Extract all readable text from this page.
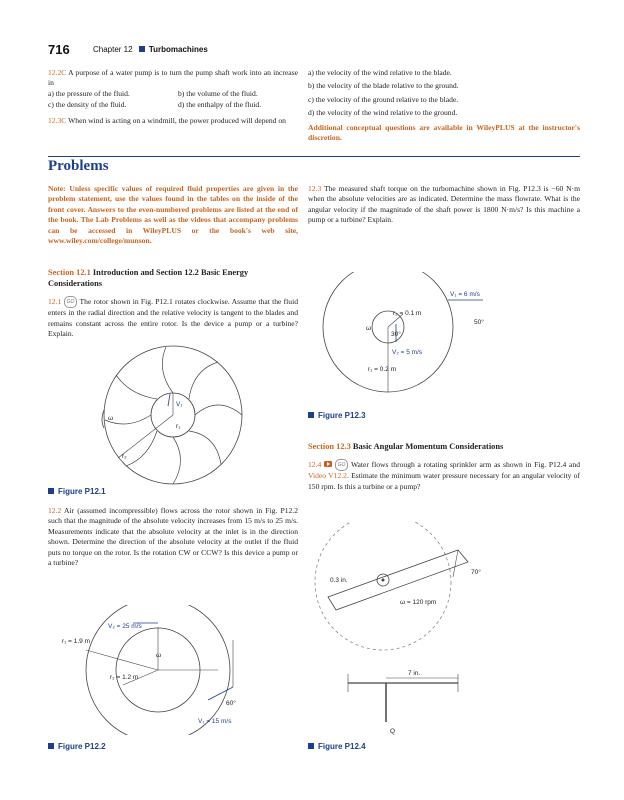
716	Chapter 12 Turbomachines

12.2C A purpose of a water pump is to turn the pump shaft work into an increase in

a) the pressure of the fluid.	b) the volume of the fluid.
c) the density of the fluid.	d) the enthalpy of the fluid.

12.3C When wind is acting on a windmill, the power produced will depend on

a) the velocity of the wind relative to the blade.

b) the velocity of the blade relative to the ground.

c) the velocity of the ground relative to the blade.

d) the velocity of the wind relative to the ground.

Additional conceptual questions are available in WileyPLUS at the instructor's discretion.

Problems

Note: Unless specific values of required fluid properties are given in the problem statement, use the values found in the tables on the inside of the front cover. Answers to the even-numbered problems are listed at the end of the book. The Lab Problems as well as the videos that accompany problems can be accessed in WileyPLUS or the book's web site, www.wiley.com/college/munson.

Section 12.1 Introduction and Section 12.2 Basic Energy Considerations

12.1 GO The rotor shown in Fig. P12.1 rotates clockwise. Assume that the fluid enters in the radial direction and the relative velocity is tangent to the blades and remains constant across the entire rotor. Is the device a pump or a turbine? Explain.

ω
V₁
r₁
r₂
Figure P12.1

12.2 Air (assumed incompressible) flows across the rotor shown in Fig. P12.2 such that the magnitude of the absolute velocity increases from 15 m/s to 25 m/s. Measurements indicate that the absolute velocity at the inlet is in the direction shown. Determine the direction of the absolute velocity at the outlet if the fluid puts no torque on the rotor. Is the rotation CW or CCW? Is this device a pump or a turbine?

V₂ = 25 m/s
r₁ = 1.9 m
ω
r₂ = 1.2 m
60°
V₁ = 15 m/s
Figure P12.2

12.3 The measured shaft torque on the turbomachine shown in Fig. P12.3 is −60 N·m when the absolute velocities are as indicated. Determine the mass flowrate. What is the angular velocity if the magnitude of the shaft power is 1800 N·m/s? Is this machine a pump or a turbine? Explain.

V₁ = 6 m/s
r₂ = 0.1 m
50°
ω
30°
V₂ = 5 m/s
r₁ = 0.2 m
Figure P12.3
Section 12.3 Basic Angular Momentum Considerations

12.4	GO Water flows through a rotating sprinkler arm as shown in Fig. P12.4 and Video V12.2. Estimate the minimum water pressure necessary for an angular velocity of 150 rpm. Is this a turbine or a pump?

0.3 in.
70°
ω = 120 rpm
7 in.
Q
Figure P12.4
